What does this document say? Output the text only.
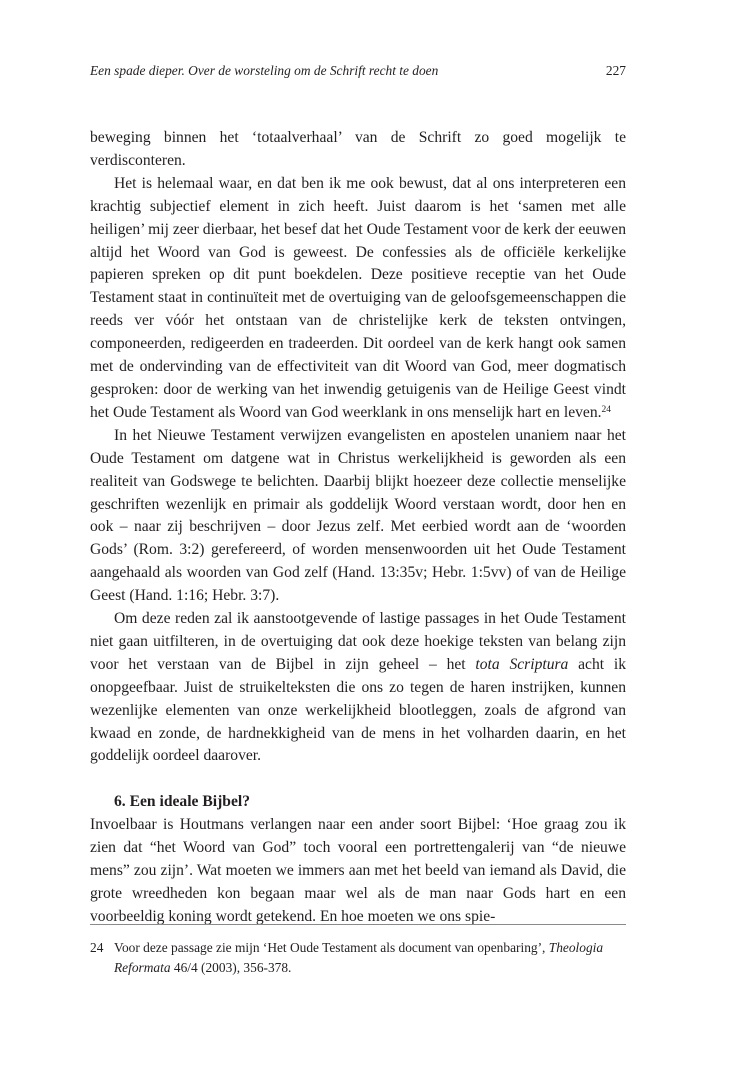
Een spade dieper. Over de worsteling om de Schrift recht te doen	227

beweging binnen het ‘totaalverhaal’ van de Schrift zo goed mogelijk te verdisconteren.

Het is helemaal waar, en dat ben ik me ook bewust, dat al ons interpreteren een krachtig subjectief element in zich heeft. Juist daarom is het ‘samen met alle heiligen’ mij zeer dierbaar, het besef dat het Oude Testament voor de kerk der eeuwen altijd het Woord van God is geweest. De confessies als de officiële kerkelijke papieren spreken op dit punt boekdelen. Deze positieve receptie van het Oude Testament staat in continuïteit met de overtuiging van de geloofsgemeenschappen die reeds ver vóór het ontstaan van de christelijke kerk de teksten ontvingen, componeerden, redigeerden en tradeerden. Dit oordeel van de kerk hangt ook samen met de ondervinding van de effectiviteit van dit Woord van God, meer dogmatisch gesproken: door de werking van het inwendig getuigenis van de Heilige Geest vindt het Oude Testament als Woord van God weerklank in ons menselijk hart en leven.$^{24}$

In het Nieuwe Testament verwijzen evangelisten en apostelen unaniem naar het Oude Testament om datgene wat in Christus werkelijkheid is geworden als een realiteit van Godswege te belichten. Daarbij blijkt hoezeer deze collectie menselijke geschriften wezenlijk en primair als goddelijk Woord verstaan wordt, door hen en ook – naar zij beschrijven – door Jezus zelf. Met eerbied wordt aan de ‘woorden Gods’ (Rom. 3:2) gerefereerd, of worden mensenwoorden uit het Oude Testament aangehaald als woorden van God zelf (Hand. 13:35v; Hebr. 1:5vv) of van de Heilige Geest (Hand. 1:16; Hebr. 3:7).

Om deze reden zal ik aanstootgevende of lastige passages in het Oude Testament niet gaan uitfilteren, in de overtuiging dat ook deze hoekige teksten van belang zijn voor het verstaan van de Bijbel in zijn geheel – het tota Scriptura acht ik onopgeefbaar. Juist de struikelteksten die ons zo tegen de haren instrijken, kunnen wezenlijke elementen van onze werkelijkheid blootleggen, zoals de afgrond van kwaad en zonde, de hardnekkigheid van de mens in het volharden daarin, en het goddelijk oordeel daarover.

6. Een ideale Bijbel?

Invoelbaar is Houtmans verlangen naar een ander soort Bijbel: ‘Hoe graag zou ik zien dat “het Woord van God” toch vooral een portrettengalerij van “de nieuwe mens” zou zijn’. Wat moeten we immers aan met het beeld van iemand als David, die grote wreedheden kon begaan maar wel als de man naar Gods hart en een voorbeeldig koning wordt getekend. En hoe moeten we ons spie-

24 Voor deze passage zie mijn ‘Het Oude Testament als document van openbaring’, Theologia Reformata 46/4 (2003), 356-378.
